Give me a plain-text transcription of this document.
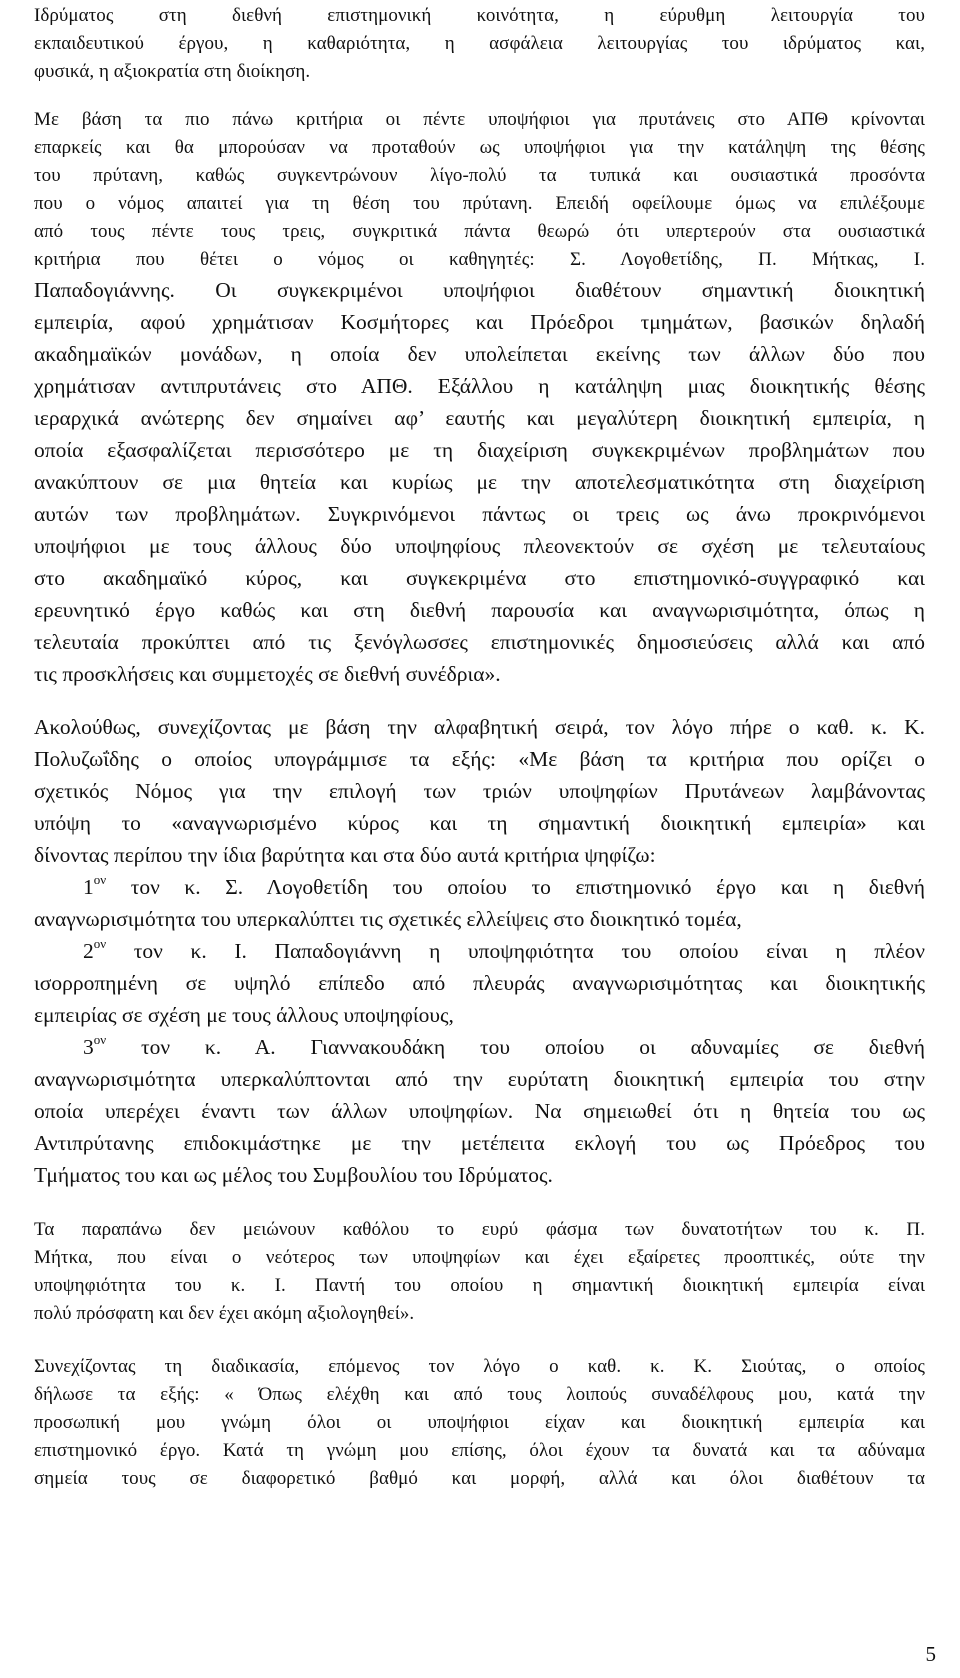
Ιδρύματος στη διεθνή επιστημονική κοινότητα, η εύρυθμη λειτουργία του
εκπαιδευτικού έργου, η καθαριότητα, η ασφάλεια λειτουργίας του ιδρύματος και,
φυσικά, η αξιοκρατία στη διοίκηση.
Με βάση τα πιο πάνω κριτήρια οι πέντε υποψήφιοι για πρυτάνεις στο ΑΠΘ κρίνονται
επαρκείς και θα μπορούσαν να προταθούν ως υποψήφιοι για την κατάληψη της θέσης
του πρύτανη, καθώς συγκεντρώνουν λίγο-πολύ τα τυπικά και ουσιαστικά προσόντα
που ο νόμος απαιτεί για τη θέση του πρύτανη. Επειδή οφείλουμε όμως να επιλέξουμε
από τους πέντε τους τρεις, συγκριτικά πάντα θεωρώ ότι υπερτερούν στα ουσιαστικά
κριτήρια που θέτει ο νόμος οι καθηγητές: Σ. Λογοθετίδης, Π. Μήτκας, Ι.
Παπαδογιάννης. Οι συγκεκριμένοι υποψήφιοι διαθέτουν σημαντική διοικητική
εμπειρία, αφού χρημάτισαν Κοσμήτορες και Πρόεδροι τμημάτων, βασικών δηλαδή
ακαδημαϊκών μονάδων, η οποία δεν υπολείπεται εκείνης των άλλων δύο που
χρημάτισαν αντιπρυτάνεις στο ΑΠΘ. Εξάλλου η κατάληψη μιας διοικητικής θέσης
ιεραρχικά ανώτερης δεν σημαίνει αφ’ εαυτής και μεγαλύτερη διοικητική εμπειρία, η
οποία εξασφαλίζεται περισσότερο με τη διαχείριση συγκεκριμένων προβλημάτων που
ανακύπτουν σε μια θητεία και κυρίως με την αποτελεσματικότητα στη διαχείριση
αυτών των προβλημάτων. Συγκρινόμενοι πάντως οι τρεις ως άνω προκρινόμενοι
υποψήφιοι με τους άλλους δύο υποψηφίους πλεονεκτούν σε σχέση με τελευταίους
στο ακαδημαϊκό κύρος, και συγκεκριμένα στο επιστημονικό-συγγραφικό και
ερευνητικό έργο καθώς και στη διεθνή παρουσία και αναγνωρισιμότητα, όπως η
τελευταία προκύπτει από τις ξενόγλωσσες επιστημονικές δημοσιεύσεις αλλά και από
τις προσκλήσεις και συμμετοχές σε διεθνή συνέδρια».
Ακολούθως, συνεχίζοντας με βάση την αλφαβητική σειρά, τον λόγο πήρε ο καθ. κ. Κ.
Πολυζωΐδης ο οποίος υπογράμμισε τα εξής: «Με βάση τα κριτήρια που ορίζει ο
σχετικός Νόμος για την επιλογή των τριών υποψηφίων Πρυτάνεων λαμβάνοντας
υπόψη το «αναγνωρισμένο κύρος και τη σημαντική διοικητική εμπειρία» και
δίνοντας περίπου την ίδια βαρύτητα και στα δύο αυτά κριτήρια ψηφίζω:
$1^{o\nu}$ τον κ. Σ. Λογοθετίδη του οποίου το επιστημονικό έργο και η διεθνή
αναγνωρισιμότητα του υπερκαλύπτει τις σχετικές ελλείψεις στο διοικητικό τομέα,
$2^{o\nu}$ τον κ. Ι. Παπαδογιάννη η υποψηφιότητα του οποίου είναι η πλέον
ισορροπημένη σε υψηλό επίπεδο από πλευράς αναγνωρισιμότητας και διοικητικής
εμπειρίας σε σχέση με τους άλλους υποψηφίους,
$3^{o\nu}$ τον κ. Α. Γιαννακουδάκη του οποίου οι αδυναμίες σε διεθνή
αναγνωρισιμότητα υπερκαλύπτονται από την ευρύτατη διοικητική εμπειρία του στην
οποία υπερέχει έναντι των άλλων υποψηφίων. Να σημειωθεί ότι η θητεία του ως
Αντιπρύτανης επιδοκιμάστηκε με την μετέπειτα εκλογή του ως Πρόεδρος του
Τμήματος του και ως μέλος του Συμβουλίου του Ιδρύματος.
Τα παραπάνω δεν μειώνουν καθόλου το ευρύ φάσμα των δυνατοτήτων του κ. Π.
Μήτκα, που είναι ο νεότερος των υποψηφίων και έχει εξαίρετες προοπτικές, ούτε την
υποψηφιότητα του κ. Ι. Παντή του οποίου η σημαντική διοικητική εμπειρία είναι
πολύ πρόσφατη και δεν έχει ακόμη αξιολογηθεί».
Συνεχίζοντας τη διαδικασία, επόμενος τον λόγο ο καθ. κ. Κ. Σιούτας, ο οποίος
δήλωσε τα εξής: « Όπως ελέχθη και από τους λοιπούς συναδέλφους μου, κατά την
προσωπική μου γνώμη όλοι οι υποψήφιοι είχαν και διοικητική εμπειρία και
επιστημονικό έργο. Κατά τη γνώμη μου επίσης, όλοι έχουν τα δυνατά και τα αδύναμα
σημεία τους σε διαφορετικό βαθμό και μορφή, αλλά και όλοι διαθέτουν τα
5
